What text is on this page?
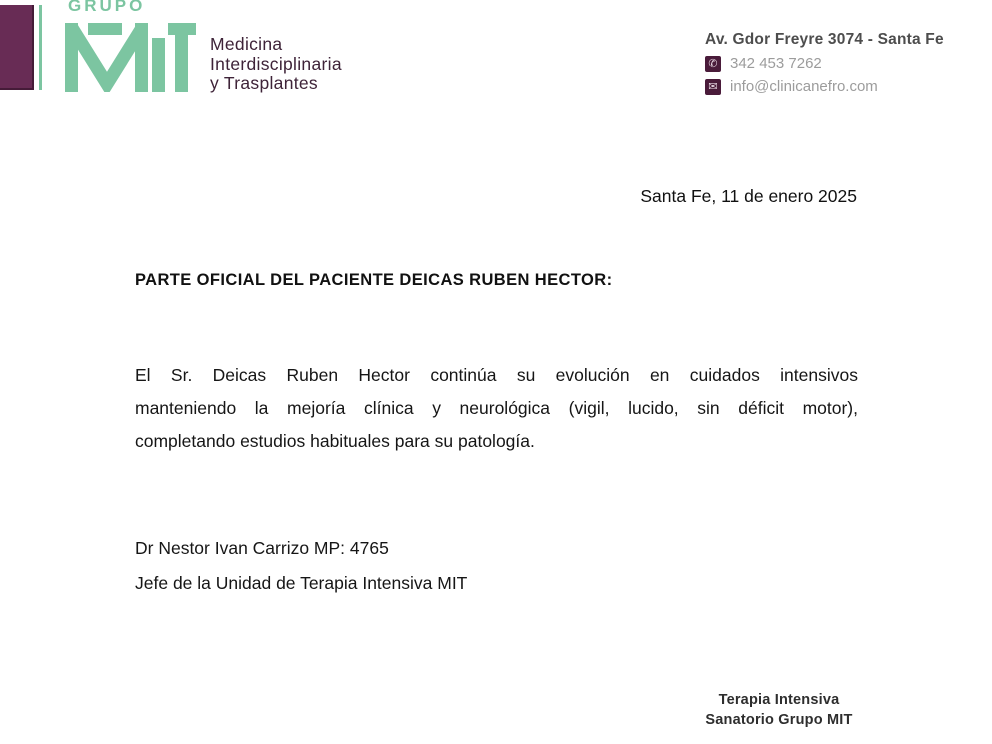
GRUPO
Medicina
Interdisciplinaria
y Trasplantes
Av. Gdor Freyre 3074 - Santa Fe
✆ 342 453 7262
✉ info@clinicanefro.com
Santa Fe, 11 de enero 2025
PARTE OFICIAL DEL PACIENTE DEICAS RUBEN HECTOR:
El Sr. Deicas Ruben Hector continúa su evolución en cuidados intensivos
manteniendo la mejoría clínica y neurológica (vigil, lucido, sin déficit motor),
completando estudios habituales para su patología.
Dr Nestor Ivan Carrizo MP: 4765
Jefe de la Unidad de Terapia Intensiva MIT
Terapia Intensiva
Sanatorio Grupo MIT
